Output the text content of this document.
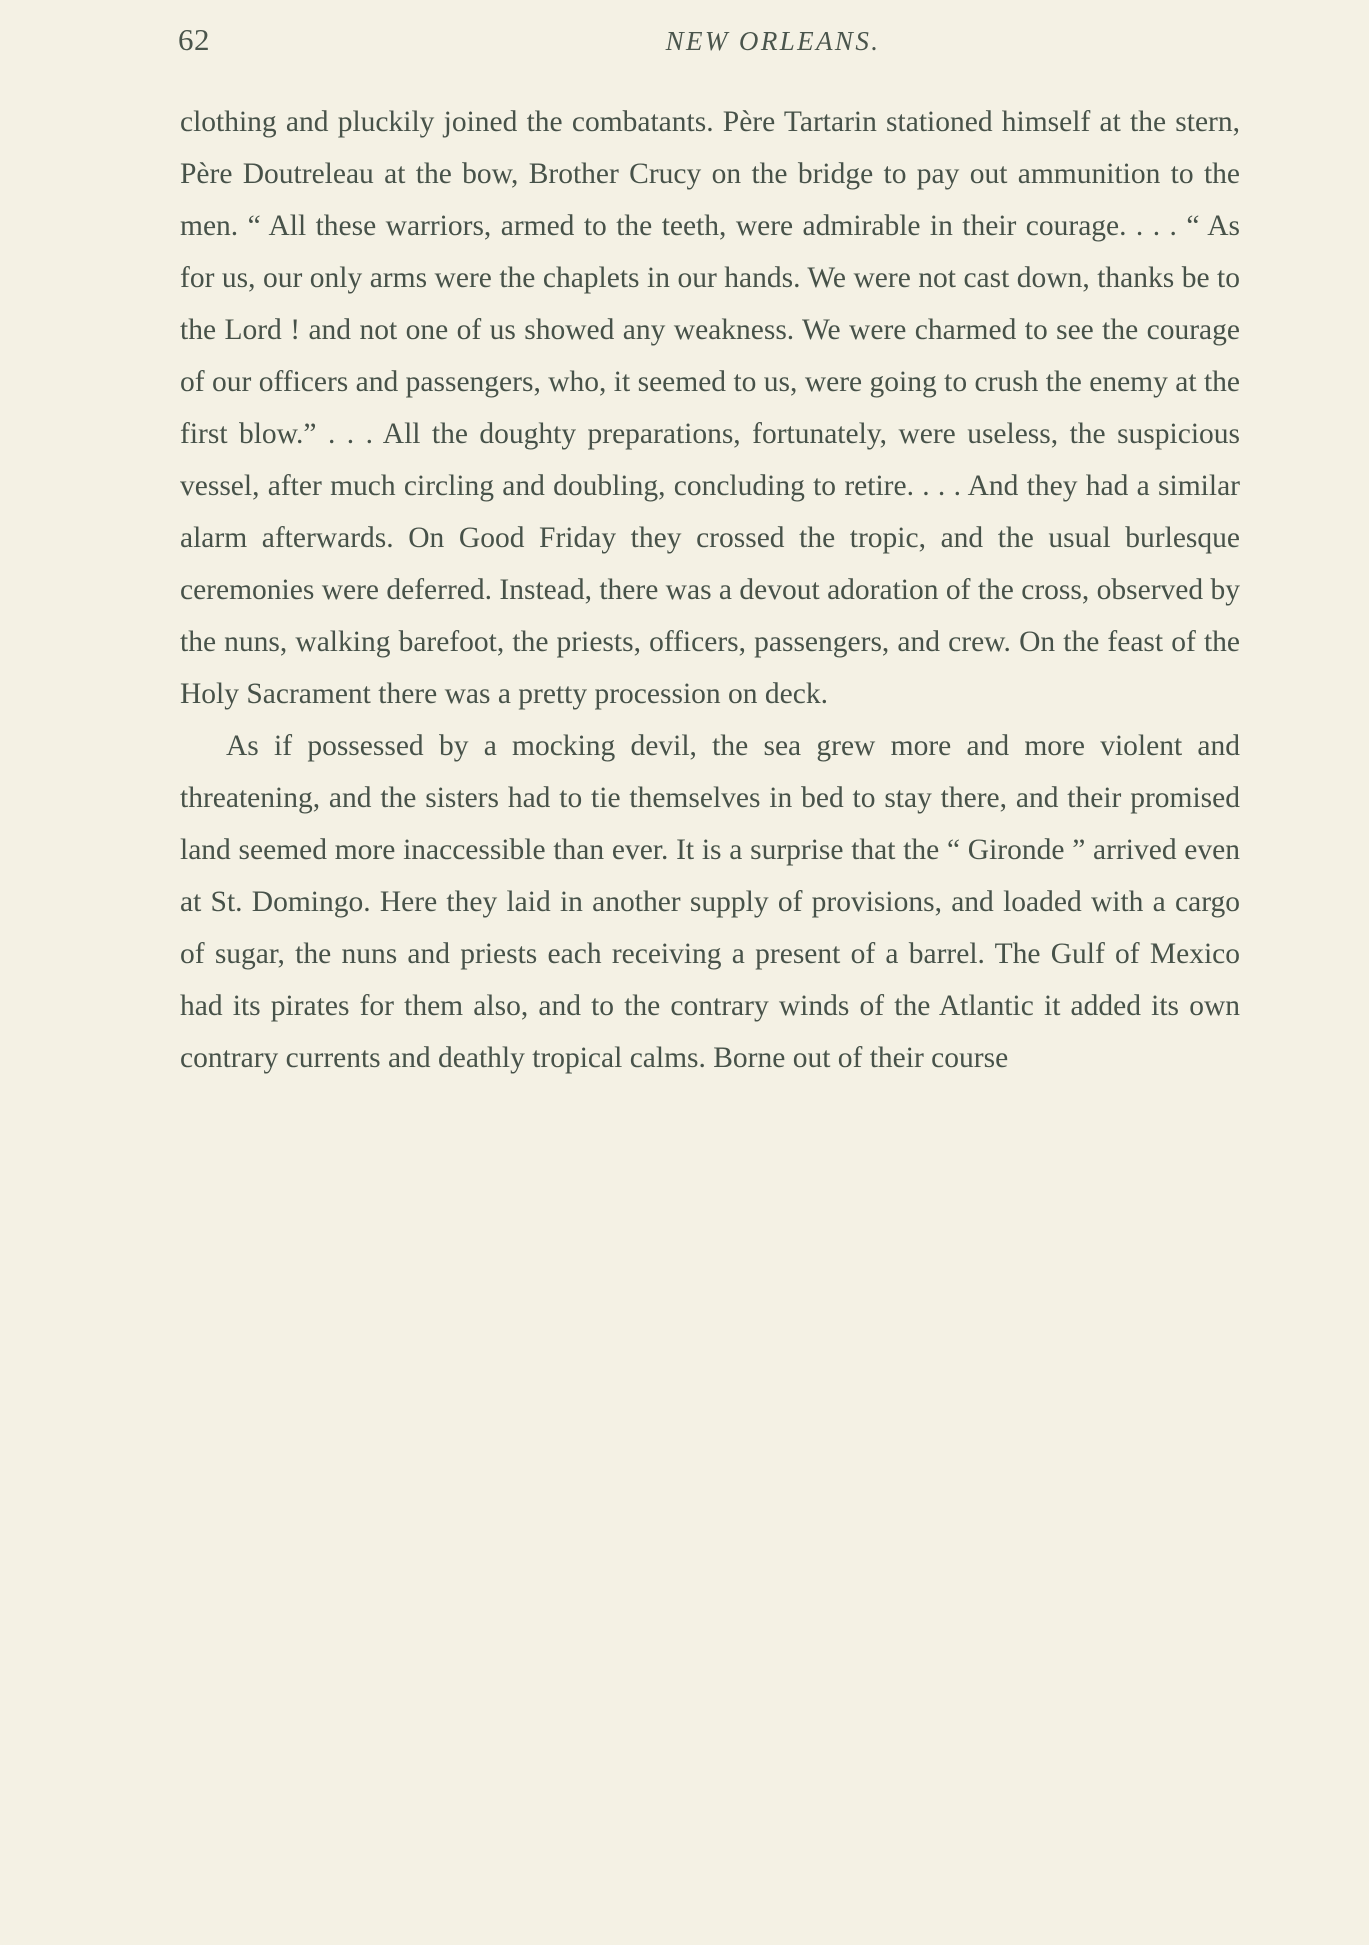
62	NEW ORLEANS.

clothing and pluckily joined the combatants. Père Tartarin stationed himself at the stern, Père Doutreleau at the bow, Brother Crucy on the bridge to pay out ammunition to the men. “ All these warriors, armed to the teeth, were admirable in their courage. . . . “ As for us, our only arms were the chaplets in our hands. We were not cast down, thanks be to the Lord ! and not one of us showed any weakness. We were charmed to see the courage of our officers and passengers, who, it seemed to us, were going to crush the enemy at the first blow.” . . . All the doughty preparations, fortunately, were useless, the suspicious vessel, after much circling and doubling, concluding to retire. . . . And they had a similar alarm afterwards. On Good Friday they crossed the tropic, and the usual burlesque ceremonies were deferred. Instead, there was a devout adoration of the cross, observed by the nuns, walking barefoot, the priests, officers, passengers, and crew. On the feast of the Holy Sacrament there was a pretty procession on deck.

As if possessed by a mocking devil, the sea grew more and more violent and threatening, and the sisters had to tie themselves in bed to stay there, and their promised land seemed more inaccessible than ever. It is a surprise that the “ Gironde ” arrived even at St. Domingo. Here they laid in another supply of provisions, and loaded with a cargo of sugar, the nuns and priests each receiving a present of a barrel. The Gulf of Mexico had its pirates for them also, and to the contrary winds of the Atlantic it added its own contrary currents and deathly tropical calms. Borne out of their course
